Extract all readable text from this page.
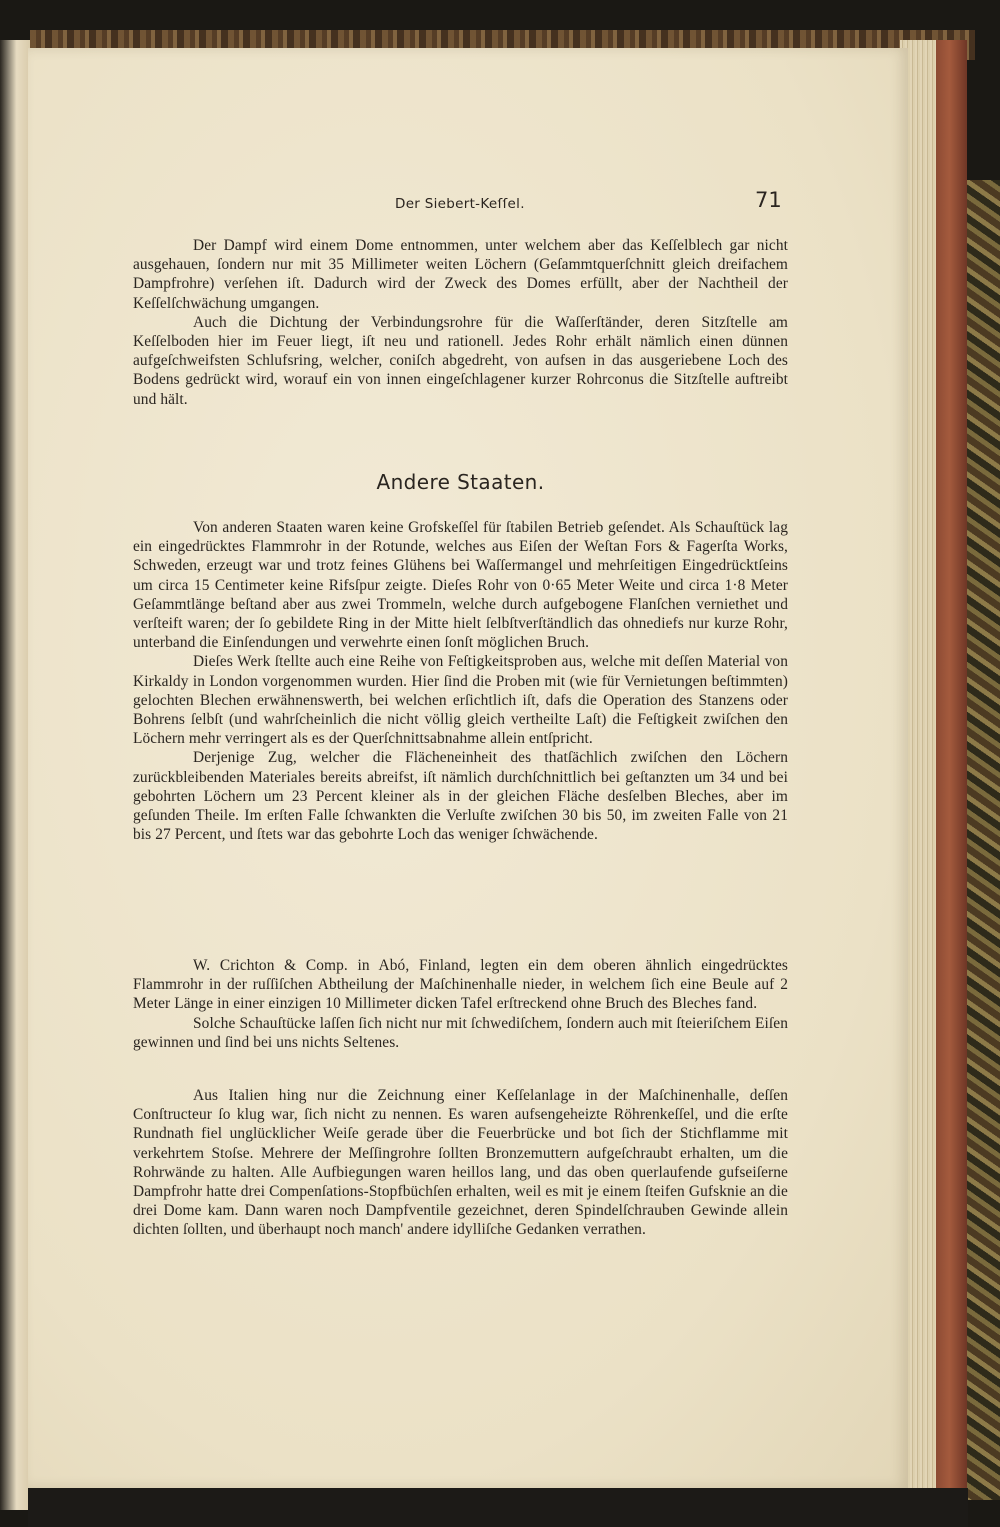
Der Siebert-Keſſel.	71

Der Dampf wird einem Dome entnommen, unter welchem aber das Keſſelblech gar nicht ausgehauen, ſondern nur mit 35 Millimeter weiten Löchern (Geſammtquerſchnitt gleich dreifachem Dampfrohre) verſehen iſt. Dadurch wird der Zweck des Domes erfüllt, aber der Nachtheil der Keſſelſchwächung umgangen.

Auch die Dichtung der Verbindungsrohre für die Waſſerſtänder, deren Sitzſtelle am Keſſelboden hier im Feuer liegt, iſt neu und rationell. Jedes Rohr erhält nämlich einen dünnen aufgeſchweifsten Schlufsring, welcher, coniſch abgedreht, von aufsen in das ausgeriebene Loch des Bodens gedrückt wird, worauf ein von innen eingeſchlagener kurzer Rohrconus die Sitzſtelle auftreibt und hält.

Andere Staaten.

Von anderen Staaten waren keine Grofskeſſel für ſtabilen Betrieb geſendet. Als Schauſtück lag ein eingedrücktes Flammrohr in der Rotunde, welches aus Eiſen der Weſtan Fors & Fagerſta Works, Schweden, erzeugt war und trotz feines Glühens bei Waſſermangel und mehrſeitigen Eingedrücktſeins um circa 15 Centimeter keine Rifsſpur zeigte. Dieſes Rohr von 0·65 Meter Weite und circa 1·8 Meter Geſammtlänge beſtand aber aus zwei Trommeln, welche durch aufgebogene Flanſchen verniethet und verſteift waren; der ſo gebildete Ring in der Mitte hielt ſelbſtverſtändlich das ohnediefs nur kurze Rohr, unterband die Einſendungen und verwehrte einen ſonſt möglichen Bruch.

Dieſes Werk ſtellte auch eine Reihe von Feſtigkeitsproben aus, welche mit deſſen Material von Kirkaldy in London vorgenommen wurden. Hier ſind die Proben mit (wie für Vernietungen beſtimmten) gelochten Blechen erwähnenswerth, bei welchen erſichtlich iſt, dafs die Operation des Stanzens oder Bohrens ſelbſt (und wahrſcheinlich die nicht völlig gleich vertheilte Laſt) die Feſtigkeit zwiſchen den Löchern mehr verringert als es der Querſchnittsabnahme allein entſpricht.

Derjenige Zug, welcher die Flächeneinheit des thatſächlich zwiſchen den Löchern zurückbleibenden Materiales bereits abreifst, iſt nämlich durchſchnittlich bei geſtanzten um 34 und bei gebohrten Löchern um 23 Percent kleiner als in der gleichen Fläche desſelben Bleches, aber im geſunden Theile. Im erſten Falle ſchwankten die Verluſte zwiſchen 30 bis 50, im zweiten Falle von 21 bis 27 Percent, und ſtets war das gebohrte Loch das weniger ſchwächende.

W. Crichton & Comp. in Abó, Finland, legten ein dem oberen ähnlich eingedrücktes Flammrohr in der ruſſiſchen Abtheilung der Maſchinenhalle nieder, in welchem ſich eine Beule auf 2 Meter Länge in einer einzigen 10 Millimeter dicken Tafel erſtreckend ohne Bruch des Bleches fand.

Solche Schauſtücke laſſen ſich nicht nur mit ſchwediſchem, ſondern auch mit ſteieriſchem Eiſen gewinnen und ſind bei uns nichts Seltenes.

Aus Italien hing nur die Zeichnung einer Keſſelanlage in der Maſchinenhalle, deſſen Conſtructeur ſo klug war, ſich nicht zu nennen. Es waren aufsengeheizte Röhrenkeſſel, und die erſte Rundnath fiel unglücklicher Weiſe gerade über die Feuerbrücke und bot ſich der Stichflamme mit verkehrtem Stoſse. Mehrere der Meſſingrohre ſollten Bronzemuttern aufgeſchraubt erhalten, um die Rohrwände zu halten. Alle Aufbiegungen waren heillos lang, und das oben querlaufende gufseiſerne Dampfrohr hatte drei Compenſations-Stopfbüchſen erhalten, weil es mit je einem ſteifen Gufsknie an die drei Dome kam. Dann waren noch Dampfventile gezeichnet, deren Spindelſchrauben Gewinde allein dichten ſollten, und überhaupt noch manch' andere idylliſche Gedanken verrathen.
